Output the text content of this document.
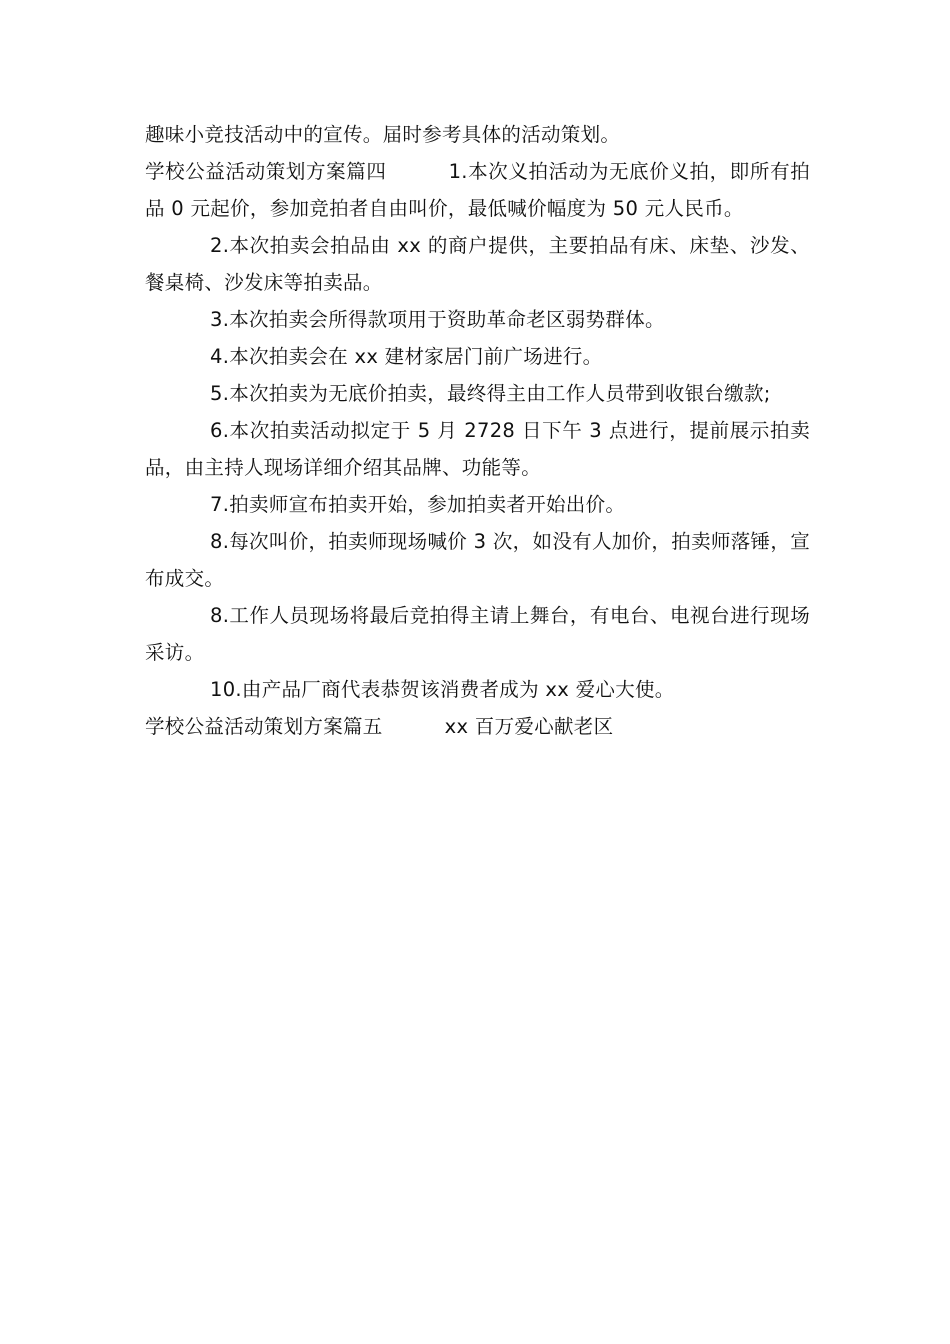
趣味小竞技活动中的宣传。届时参考具体的活动策划。

学校公益活动策划方案篇四	1.本次义拍活动为无底价义拍，即所有拍品 0 元起价，参加竞拍者自由叫价，最低喊价幅度为 50 元人民币。

2.本次拍卖会拍品由 xx 的商户提供，主要拍品有床、床垫、沙发、餐桌椅、沙发床等拍卖品。

3.本次拍卖会所得款项用于资助革命老区弱势群体。

4.本次拍卖会在 xx 建材家居门前广场进行。

5.本次拍卖为无底价拍卖，最终得主由工作人员带到收银台缴款;

6.本次拍卖活动拟定于 5 月 2728 日下午 3 点进行，提前展示拍卖品，由主持人现场详细介绍其品牌、功能等。

7.拍卖师宣布拍卖开始，参加拍卖者开始出价。

8.每次叫价，拍卖师现场喊价 3 次，如没有人加价，拍卖师落锤，宣布成交。

8.工作人员现场将最后竞拍得主请上舞台，有电台、电视台进行现场采访。

10.由产品厂商代表恭贺该消费者成为 xx 爱心大使。

学校公益活动策划方案篇五	xx 百万爱心献老区
